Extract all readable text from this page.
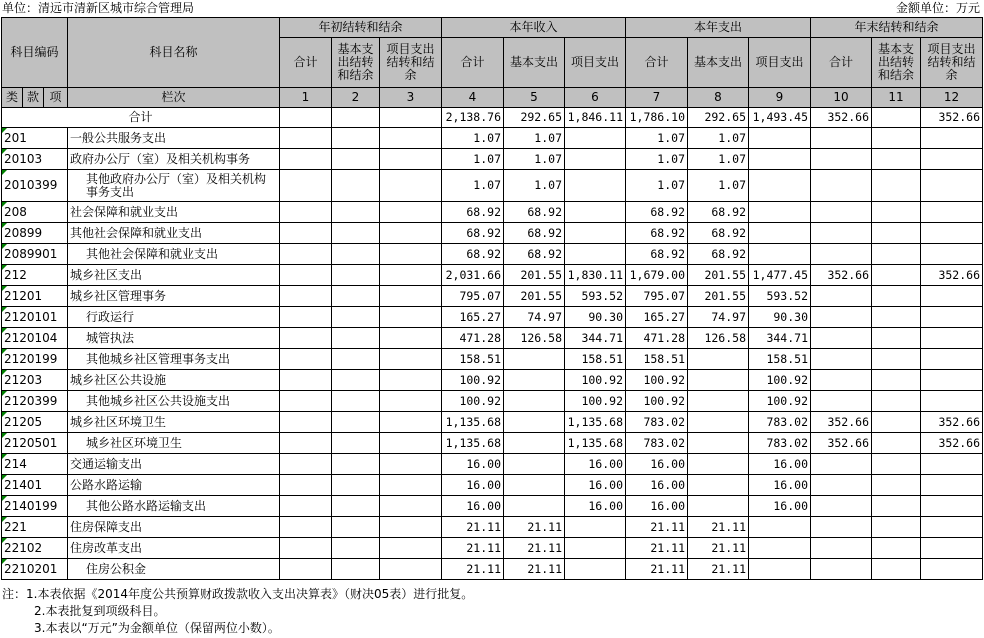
单位：清远市清新区城市综合管理局	金额单位：万元
科目编码			科目名称	年初结转和结余			本年收入			本年支出			年末结转和结余		
				合计	基本支出结转和结余	项目支出结转和结余	合计	基本支出	项目支出	合计	基本支出	项目支出	合计	基本支出结转和结余	项目支出结转和结余
类	款	项	栏次	1	2	3	4	5	6	7	8	9	10	11	12
合计							2,138.76	292.65	1,846.11	1,786.10	292.65	1,493.45	352.66		352.66
201			一般公共服务支出				1.07	1.07		1.07	1.07				
20103			政府办公厅（室）及相关机构事务				1.07	1.07		1.07	1.07				
2010399			其他政府办公厅（室）及相关机构事务支出				1.07	1.07		1.07	1.07				
208			社会保障和就业支出				68.92	68.92		68.92	68.92				
20899			其他社会保障和就业支出				68.92	68.92		68.92	68.92				
2089901			其他社会保障和就业支出				68.92	68.92		68.92	68.92				
212			城乡社区支出				2,031.66	201.55	1,830.11	1,679.00	201.55	1,477.45	352.66		352.66
21201			城乡社区管理事务				795.07	201.55	593.52	795.07	201.55	593.52			
2120101			行政运行				165.27	74.97	90.30	165.27	74.97	90.30			
2120104			城管执法				471.28	126.58	344.71	471.28	126.58	344.71			
2120199			其他城乡社区管理事务支出				158.51		158.51	158.51		158.51			
21203			城乡社区公共设施				100.92		100.92	100.92		100.92			
2120399			其他城乡社区公共设施支出				100.92		100.92	100.92		100.92			
21205			城乡社区环境卫生				1,135.68		1,135.68	783.02		783.02	352.66		352.66
2120501			城乡社区环境卫生				1,135.68		1,135.68	783.02		783.02	352.66		352.66
214			交通运输支出				16.00		16.00	16.00		16.00			
21401			公路水路运输				16.00		16.00	16.00		16.00			
2140199			其他公路水路运输支出				16.00		16.00	16.00		16.00			
221			住房保障支出				21.11	21.11		21.11	21.11				
22102			住房改革支出				21.11	21.11		21.11	21.11				
2210201			住房公积金				21.11	21.11		21.11	21.11				
注：1.本表依据《2014年度公共预算财政拨款收入支出决算表》（财决05表）进行批复。
2.本表批复到项级科目。
3.本表以“万元”为金额单位（保留两位小数）。
